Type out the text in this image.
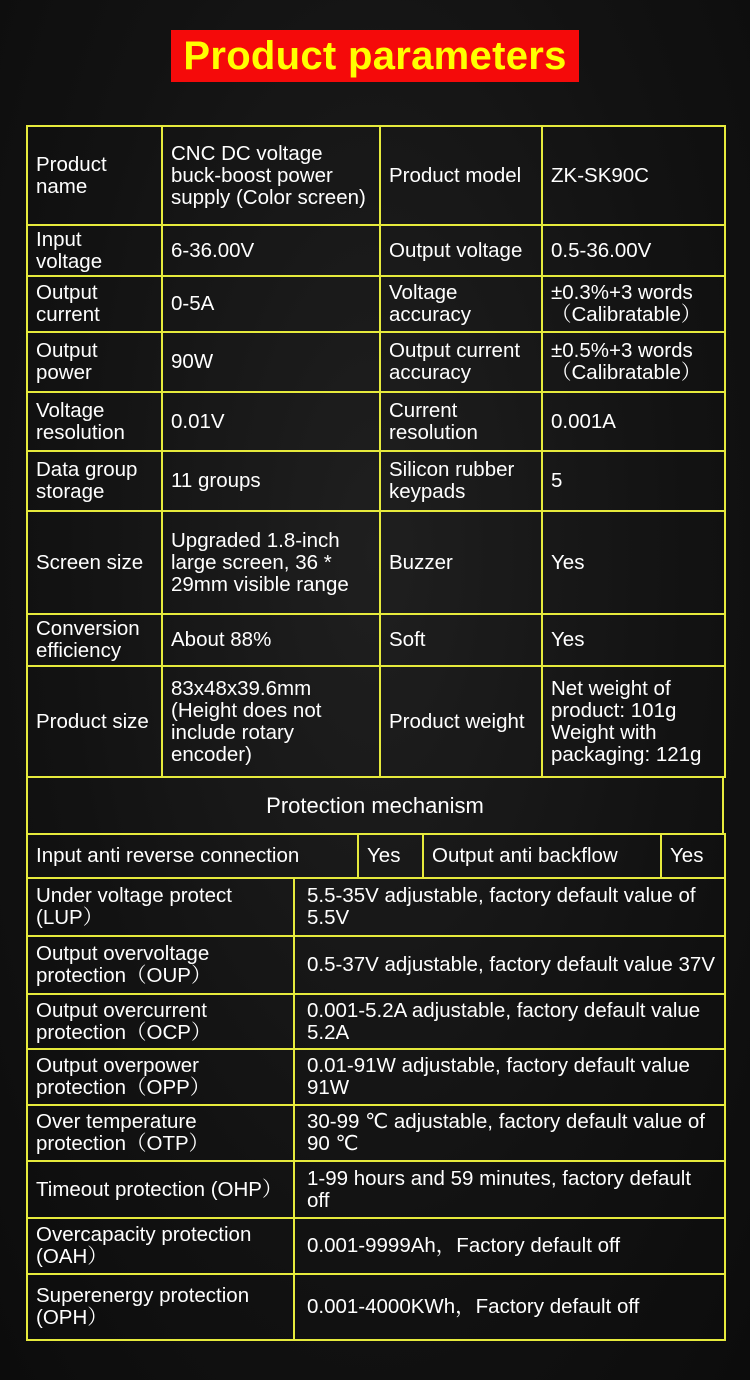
Product parameters
Product name	CNC DC voltage buck-boost power supply (Color screen)	Product model	ZK-SK90C
Input voltage	6-36.00V	Output voltage	0.5-36.00V
Output current	0-5A	Voltage accuracy	±0.3%+3 words（Calibratable）
Output power	90W	Output current accuracy	±0.5%+3 words（Calibratable）
Voltage resolution	0.01V	Current resolution	0.001A
Data group storage	11 groups	Silicon rubber keypads	5
Screen size	Upgraded 1.8-inch large screen, 36 * 29mm visible range	Buzzer	Yes
Conversion efficiency	About 88%	Soft	Yes
Product size	83x48x39.6mm (Height does not include rotary encoder)	Product weight	Net weight of product: 101g Weight with packaging: 121g
Protection mechanism
Input anti reverse connection	Yes	Output anti backflow	Yes
Under voltage protect (LUP）	5.5-35V adjustable, factory default value of 5.5V
Output overvoltage protection（OUP）	0.5-37V adjustable, factory default value 37V
Output overcurrent protection（OCP）	0.001-5.2A adjustable, factory default value 5.2A
Output overpower protection（OPP）	0.01-91W adjustable, factory default value 91W
Over temperature protection（OTP）	30-99 ℃ adjustable, factory default value of 90 ℃
Timeout protection (OHP）	1-99 hours and 59 minutes, factory default off
Overcapacity protection (OAH）	0.001-9999Ah，Factory default off
Superenergy protection (OPH）	0.001-4000KWh，Factory default off
